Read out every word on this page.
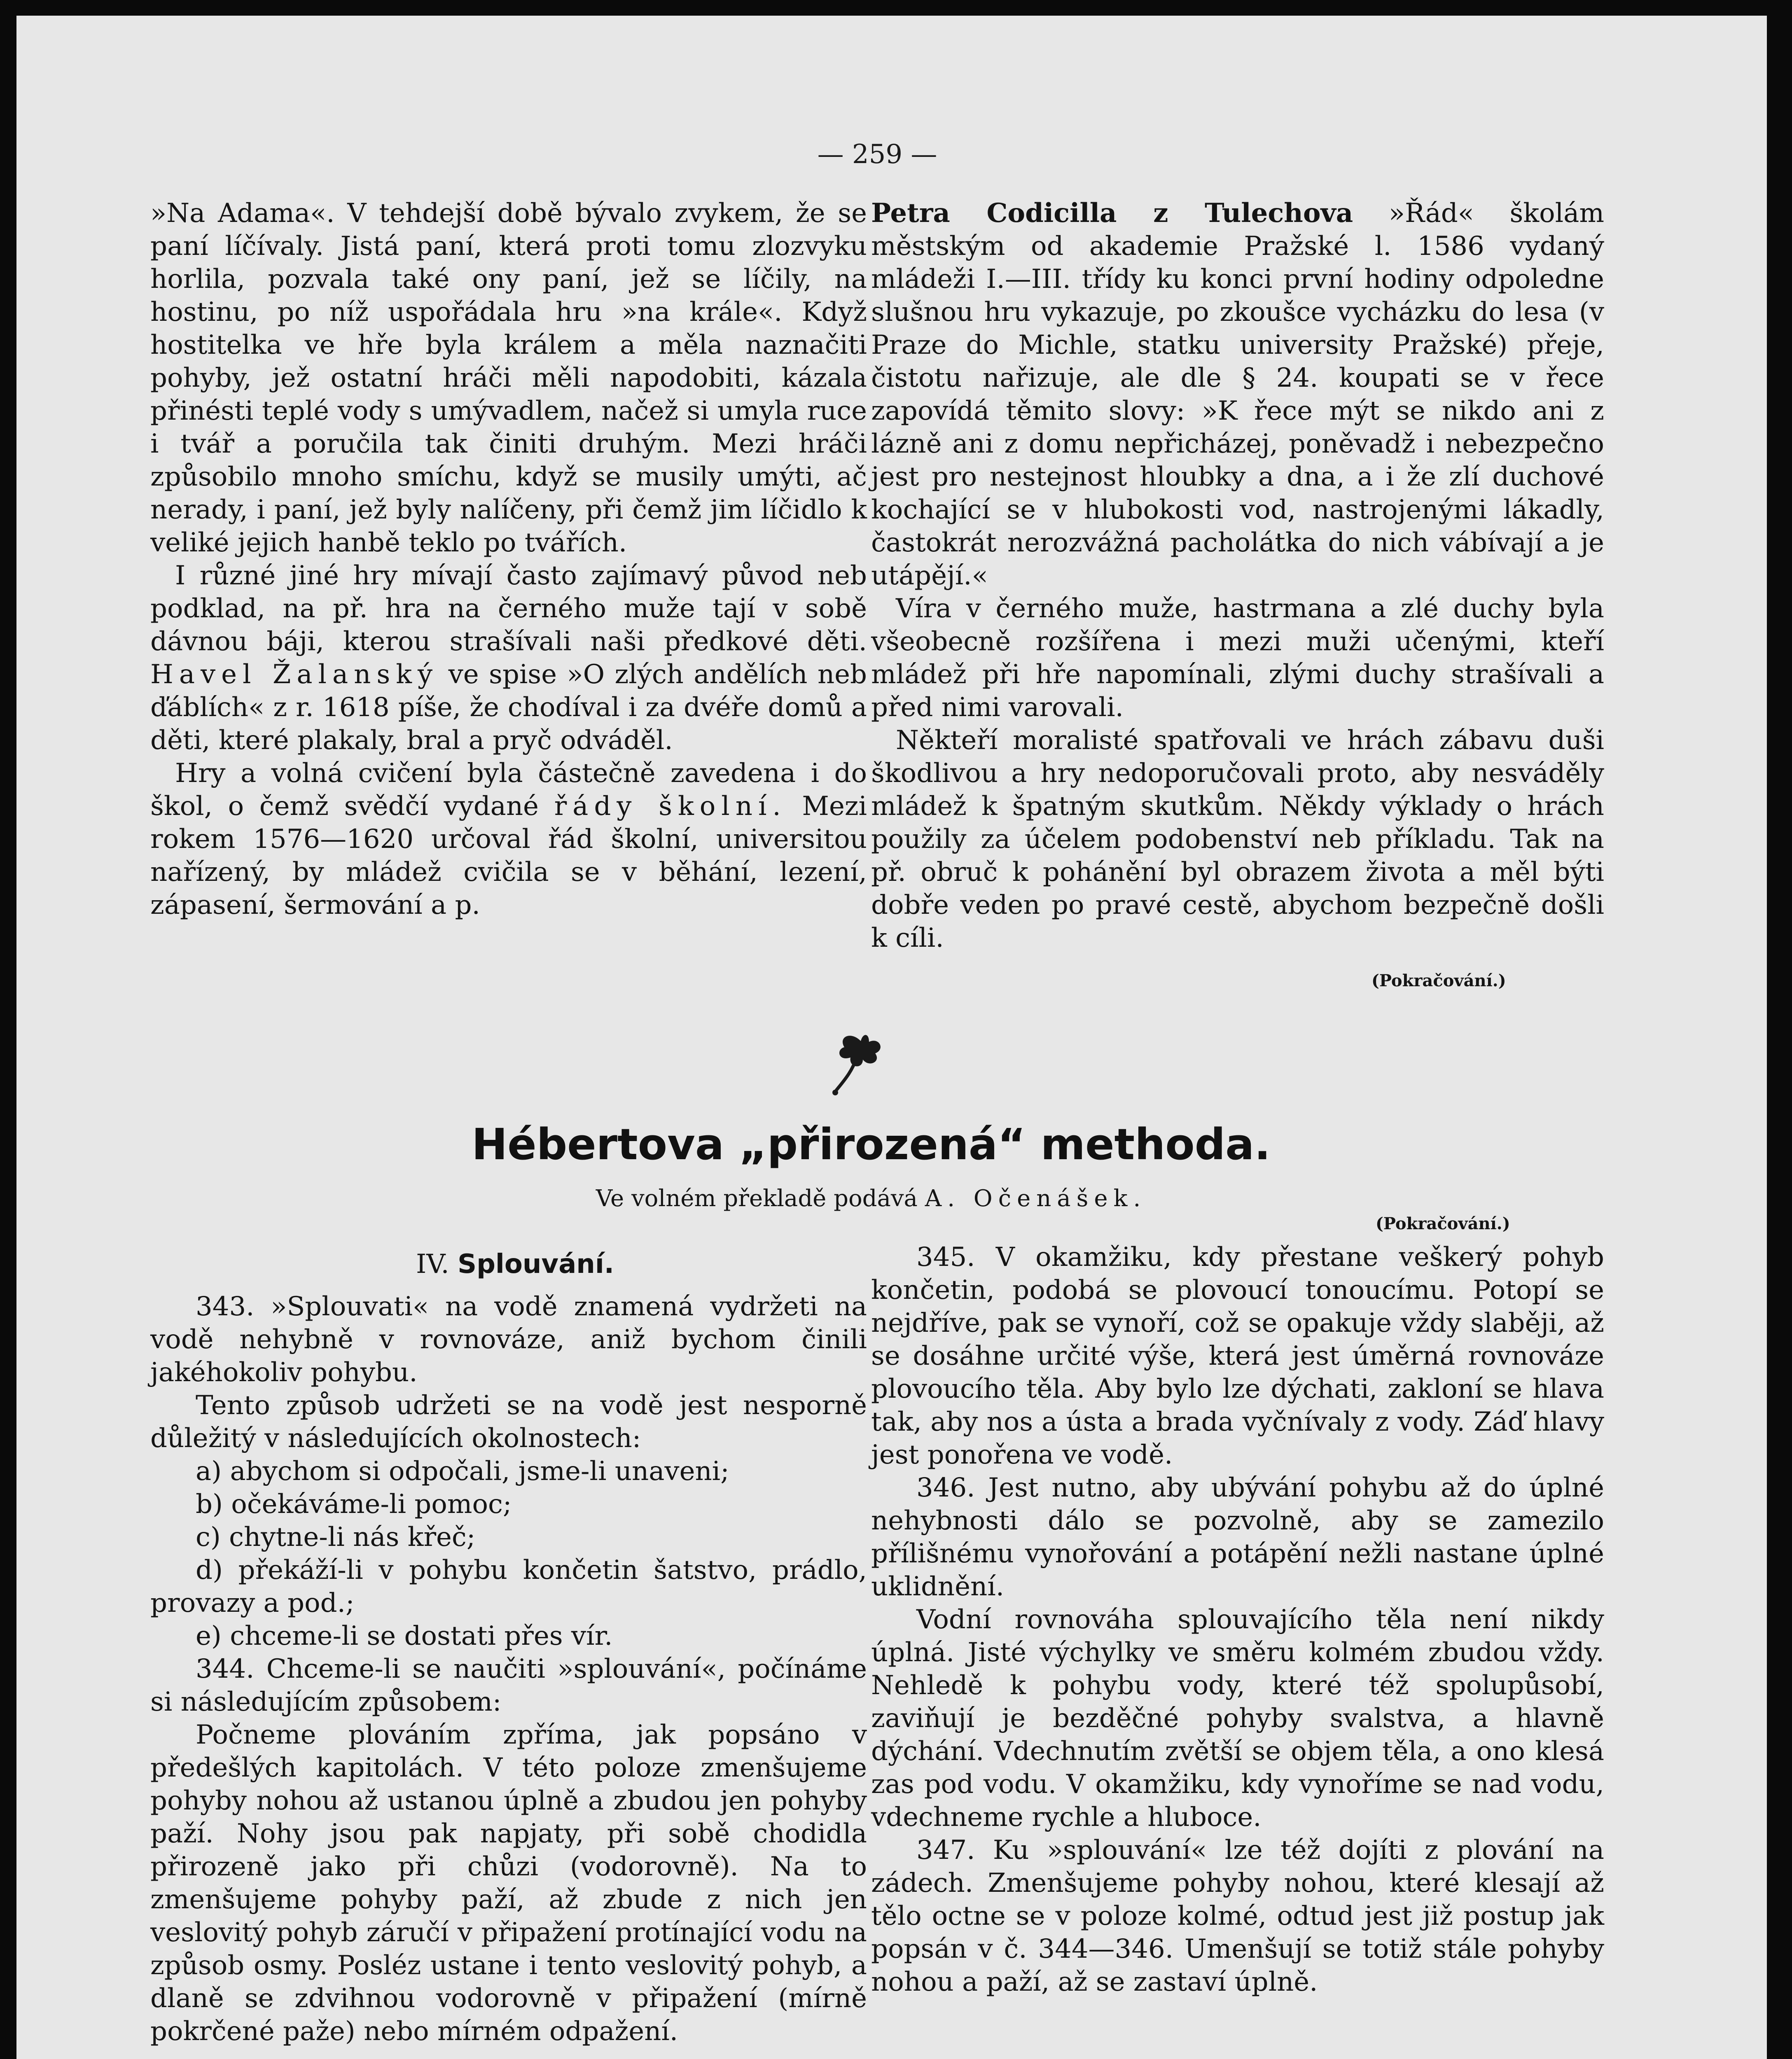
— 259 —

»Na Adama«. V tehdejší době bývalo zvykem, že se paní líčívaly. Jistá paní, která proti tomu zlozvyku horlila, pozvala také ony paní, jež se líčily, na hostinu, po níž uspořádala hru »na krále«. Když hostitelka ve hře byla králem a měla naznačiti pohyby, jež ostatní hráči měli napodobiti, kázala přinésti teplé vody s umývadlem, načež si umyla ruce i tvář a poručila tak činiti druhým. Mezi hráči způsobilo mnoho smíchu, když se musily umýti, ač nerady, i paní, jež byly nalíčeny, při čemž jim líčidlo k veliké jejich hanbě teklo po tvářích.

I různé jiné hry mívají často zajímavý původ neb podklad, na př. hra na černého muže tají v sobě dávnou báji, kterou strašívali naši předkové děti. Havel Žalanský ve spise »O zlých andělích neb ďáblích« z r. 1618 píše, že chodíval i za dvéře domů a děti, které plakaly, bral a pryč odváděl.

Hry a volná cvičení byla částečně zavedena i do škol, o čemž svědčí vydané řády školní. Mezi rokem 1576—1620 určoval řád školní, universitou nařízený, by mládež cvičila se v běhání, lezení, zápasení, šermování a p.

Petra Codicilla z Tulechova »Řád« školám městským od akademie Pražské l. 1586 vydaný mládeži I.—III. třídy ku konci první hodiny odpoledne slušnou hru vykazuje, po zkoušce vycházku do lesa (v Praze do Michle, statku university Pražské) přeje, čistotu nařizuje, ale dle § 24. koupati se v řece zapovídá těmito slovy: »K řece mýt se nikdo ani z lázně ani z domu nepřicházej, poněvadž i nebezpečno jest pro nestejnost hloubky a dna, a i že zlí duchové kochající se v hlubokosti vod, nastrojenými lákadly, častokrát nerozvážná pacholátka do nich vábívají a je utápějí.«

Víra v černého muže, hastrmana a zlé duchy byla všeobecně rozšířena i mezi muži učenými, kteří mládež při hře napomínali, zlými duchy strašívali a před nimi varovali.

Někteří moralisté spatřovali ve hrách zábavu duši škodlivou a hry nedoporučovali proto, aby nesváděly mládež k špatným skutkům. Někdy výklady o hrách použily za účelem podobenství neb příkladu. Tak na př. obruč k pohánění byl obrazem života a měl býti dobře veden po pravé cestě, abychom bezpečně došli k cíli.

(Pokračování.)
Hébertova „přirozená“ methoda.
Ve volném překladě podává A. Očenášek.
(Pokračování.)
IV. Splouvání.

343. »Splouvati« na vodě znamená vydržeti na vodě nehybně v rovnováze, aniž bychom činili jakéhokoliv pohybu.

Tento způsob udržeti se na vodě jest nesporně důležitý v následujících okolnostech:

a) abychom si odpočali, jsme-li unaveni;

b) očekáváme-li pomoc;

c) chytne-li nás křeč;

d) překáží-li v pohybu končetin šatstvo, prádlo, provazy a pod.;

e) chceme-li se dostati přes vír.

344. Chceme-li se naučiti »splouvání«, počínáme si následujícím způsobem:

Počneme plováním zpříma, jak popsáno v předešlých kapitolách. V této poloze zmenšujeme pohyby nohou až ustanou úplně a zbudou jen pohyby paží. Nohy jsou pak napjaty, při sobě chodidla přirozeně jako při chůzi (vodorovně). Na to zmenšujeme pohyby paží, až zbude z nich jen veslovitý pohyb záručí v připažení protínající vodu na způsob osmy. Posléz ustane i tento veslovitý pohyb, a dlaně se zdvihnou vodorovně v připažení (mírně pokrčené paže) nebo mírném odpažení.

345. V okamžiku, kdy přestane veškerý pohyb končetin, podobá se plovoucí tonoucímu. Potopí se nejdříve, pak se vynoří, což se opakuje vždy slaběji, až se dosáhne určité výše, která jest úměrná rovnováze plovoucího těla. Aby bylo lze dýchati, zakloní se hlava tak, aby nos a ústa a brada vyčnívaly z vody. Záď hlavy jest ponořena ve vodě.

346. Jest nutno, aby ubývání pohybu až do úplné nehybnosti dálo se pozvolně, aby se zamezilo přílišnému vynořování a potápění nežli nastane úplné uklidnění.

Vodní rovnováha splouvajícího těla není nikdy úplná. Jisté výchylky ve směru kolmém zbudou vždy. Nehledě k pohybu vody, které též spolupůsobí, zaviňují je bezděčné pohyby svalstva, a hlavně dýchání. Vdechnutím zvětší se objem těla, a ono klesá zas pod vodu. V okamžiku, kdy vynoříme se nad vodu, vdechneme rychle a hluboce.

347. Ku »splouvání« lze též dojíti z plování na zádech. Zmenšujeme pohyby nohou, které klesají až tělo octne se v poloze kolmé, odtud jest již postup jak popsán v č. 344—346. Umenšují se totiž stále pohyby nohou a paží, až se zastaví úplně.
